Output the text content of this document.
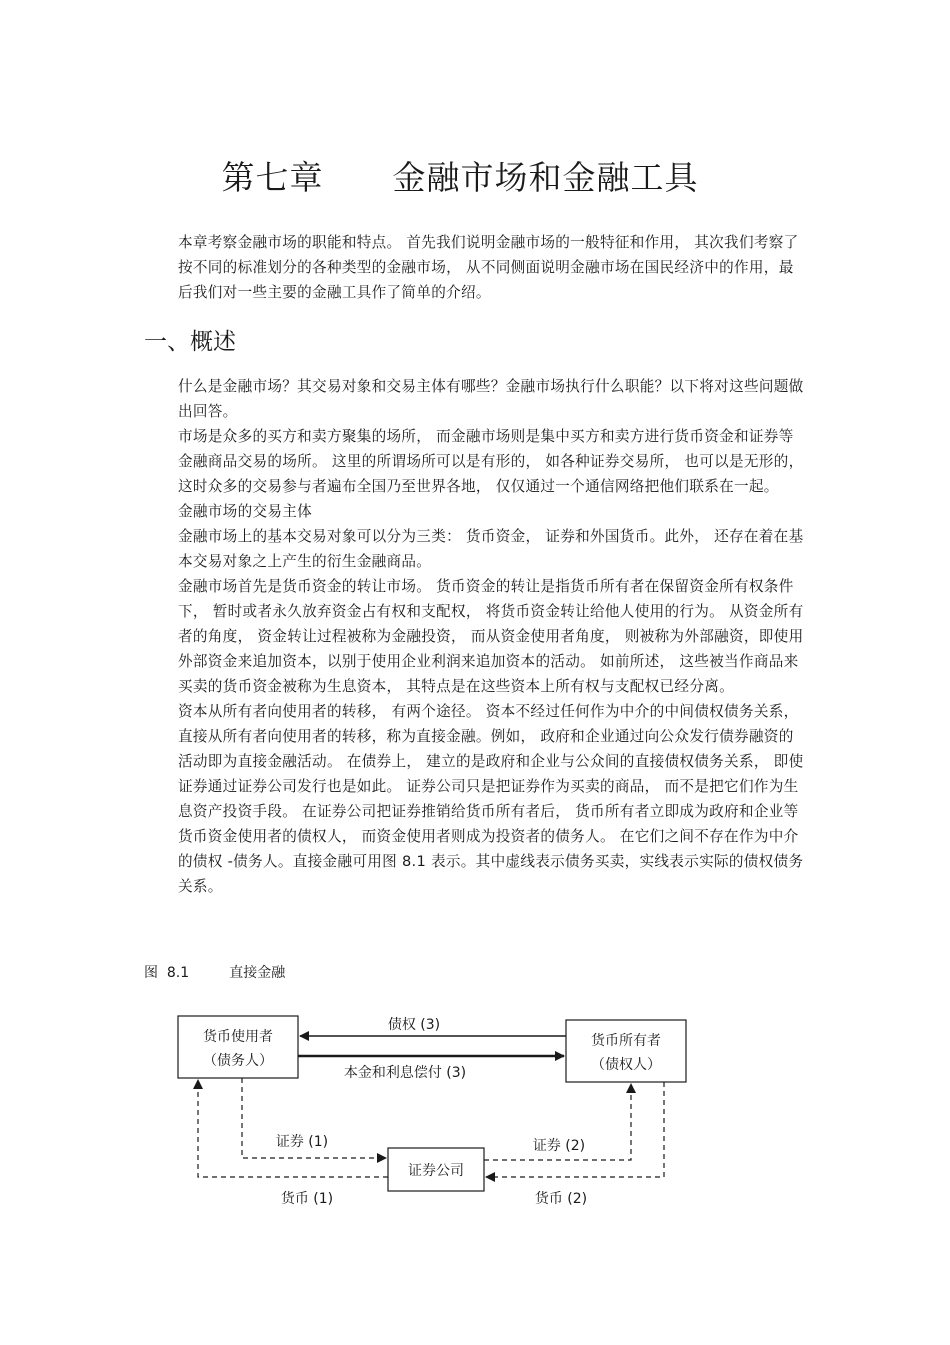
第七章      金融市场和金融工具

本章考察金融市场的职能和特点。 首先我们说明金融市场的一般特征和作用， 其次我们考察了按不同的标准划分的各种类型的金融市场， 从不同侧面说明金融市场在国民经济中的作用，最后我们对一些主要的金融工具作了简单的介绍。

一、概述

什么是金融市场？其交易对象和交易主体有哪些？金融市场执行什么职能？以下将对这些问题做出回答。

市场是众多的买方和卖方聚集的场所， 而金融市场则是集中买方和卖方进行货币资金和证券等金融商品交易的场所。 这里的所谓场所可以是有形的， 如各种证券交易所， 也可以是无形的， 这时众多的交易参与者遍布全国乃至世界各地， 仅仅通过一个通信网络把他们联系在一起。

金融市场的交易主体

金融市场上的基本交易对象可以分为三类： 货币资金， 证券和外国货币。此外， 还存在着在基本交易对象之上产生的衍生金融商品。

金融市场首先是货币资金的转让市场。 货币资金的转让是指货币所有者在保留资金所有权条件下， 暂时或者永久放弃资金占有权和支配权， 将货币资金转让给他人使用的行为。 从资金所有者的角度， 资金转让过程被称为金融投资， 而从资金使用者角度， 则被称为外部融资，即使用外部资金来追加资本，以别于使用企业利润来追加资本的活动。 如前所述， 这些被当作商品来买卖的货币资金被称为生息资本， 其特点是在这些资本上所有权与支配权已经分离。

资本从所有者向使用者的转移， 有两个途径。 资本不经过任何作为中介的中间债权债务关系， 直接从所有者向使用者的转移，称为直接金融。例如， 政府和企业通过向公众发行债券融资的活动即为直接金融活动。 在债券上， 建立的是政府和企业与公众间的直接债权债务关系， 即使证券通过证券公司发行也是如此。 证券公司只是把证券作为买卖的商品， 而不是把它们作为生息资产投资手段。 在证券公司把证券推销给货币所有者后， 货币所有者立即成为政府和企业等货币资金使用者的债权人， 而资金使用者则成为投资者的债务人。 在它们之间不存在作为中介的债权 -债务人。直接金融可用图 8.1 表示。其中虚线表示债务买卖，实线表示实际的债权债务关系。

图  8.1         直接金融
货币使用者
（债务人）
货币所有者
（债权人）
证券公司
债权 (3)
本金和利息偿付 (3)
证券 (1)
货币 (1)
证券 (2)
货币 (2)
